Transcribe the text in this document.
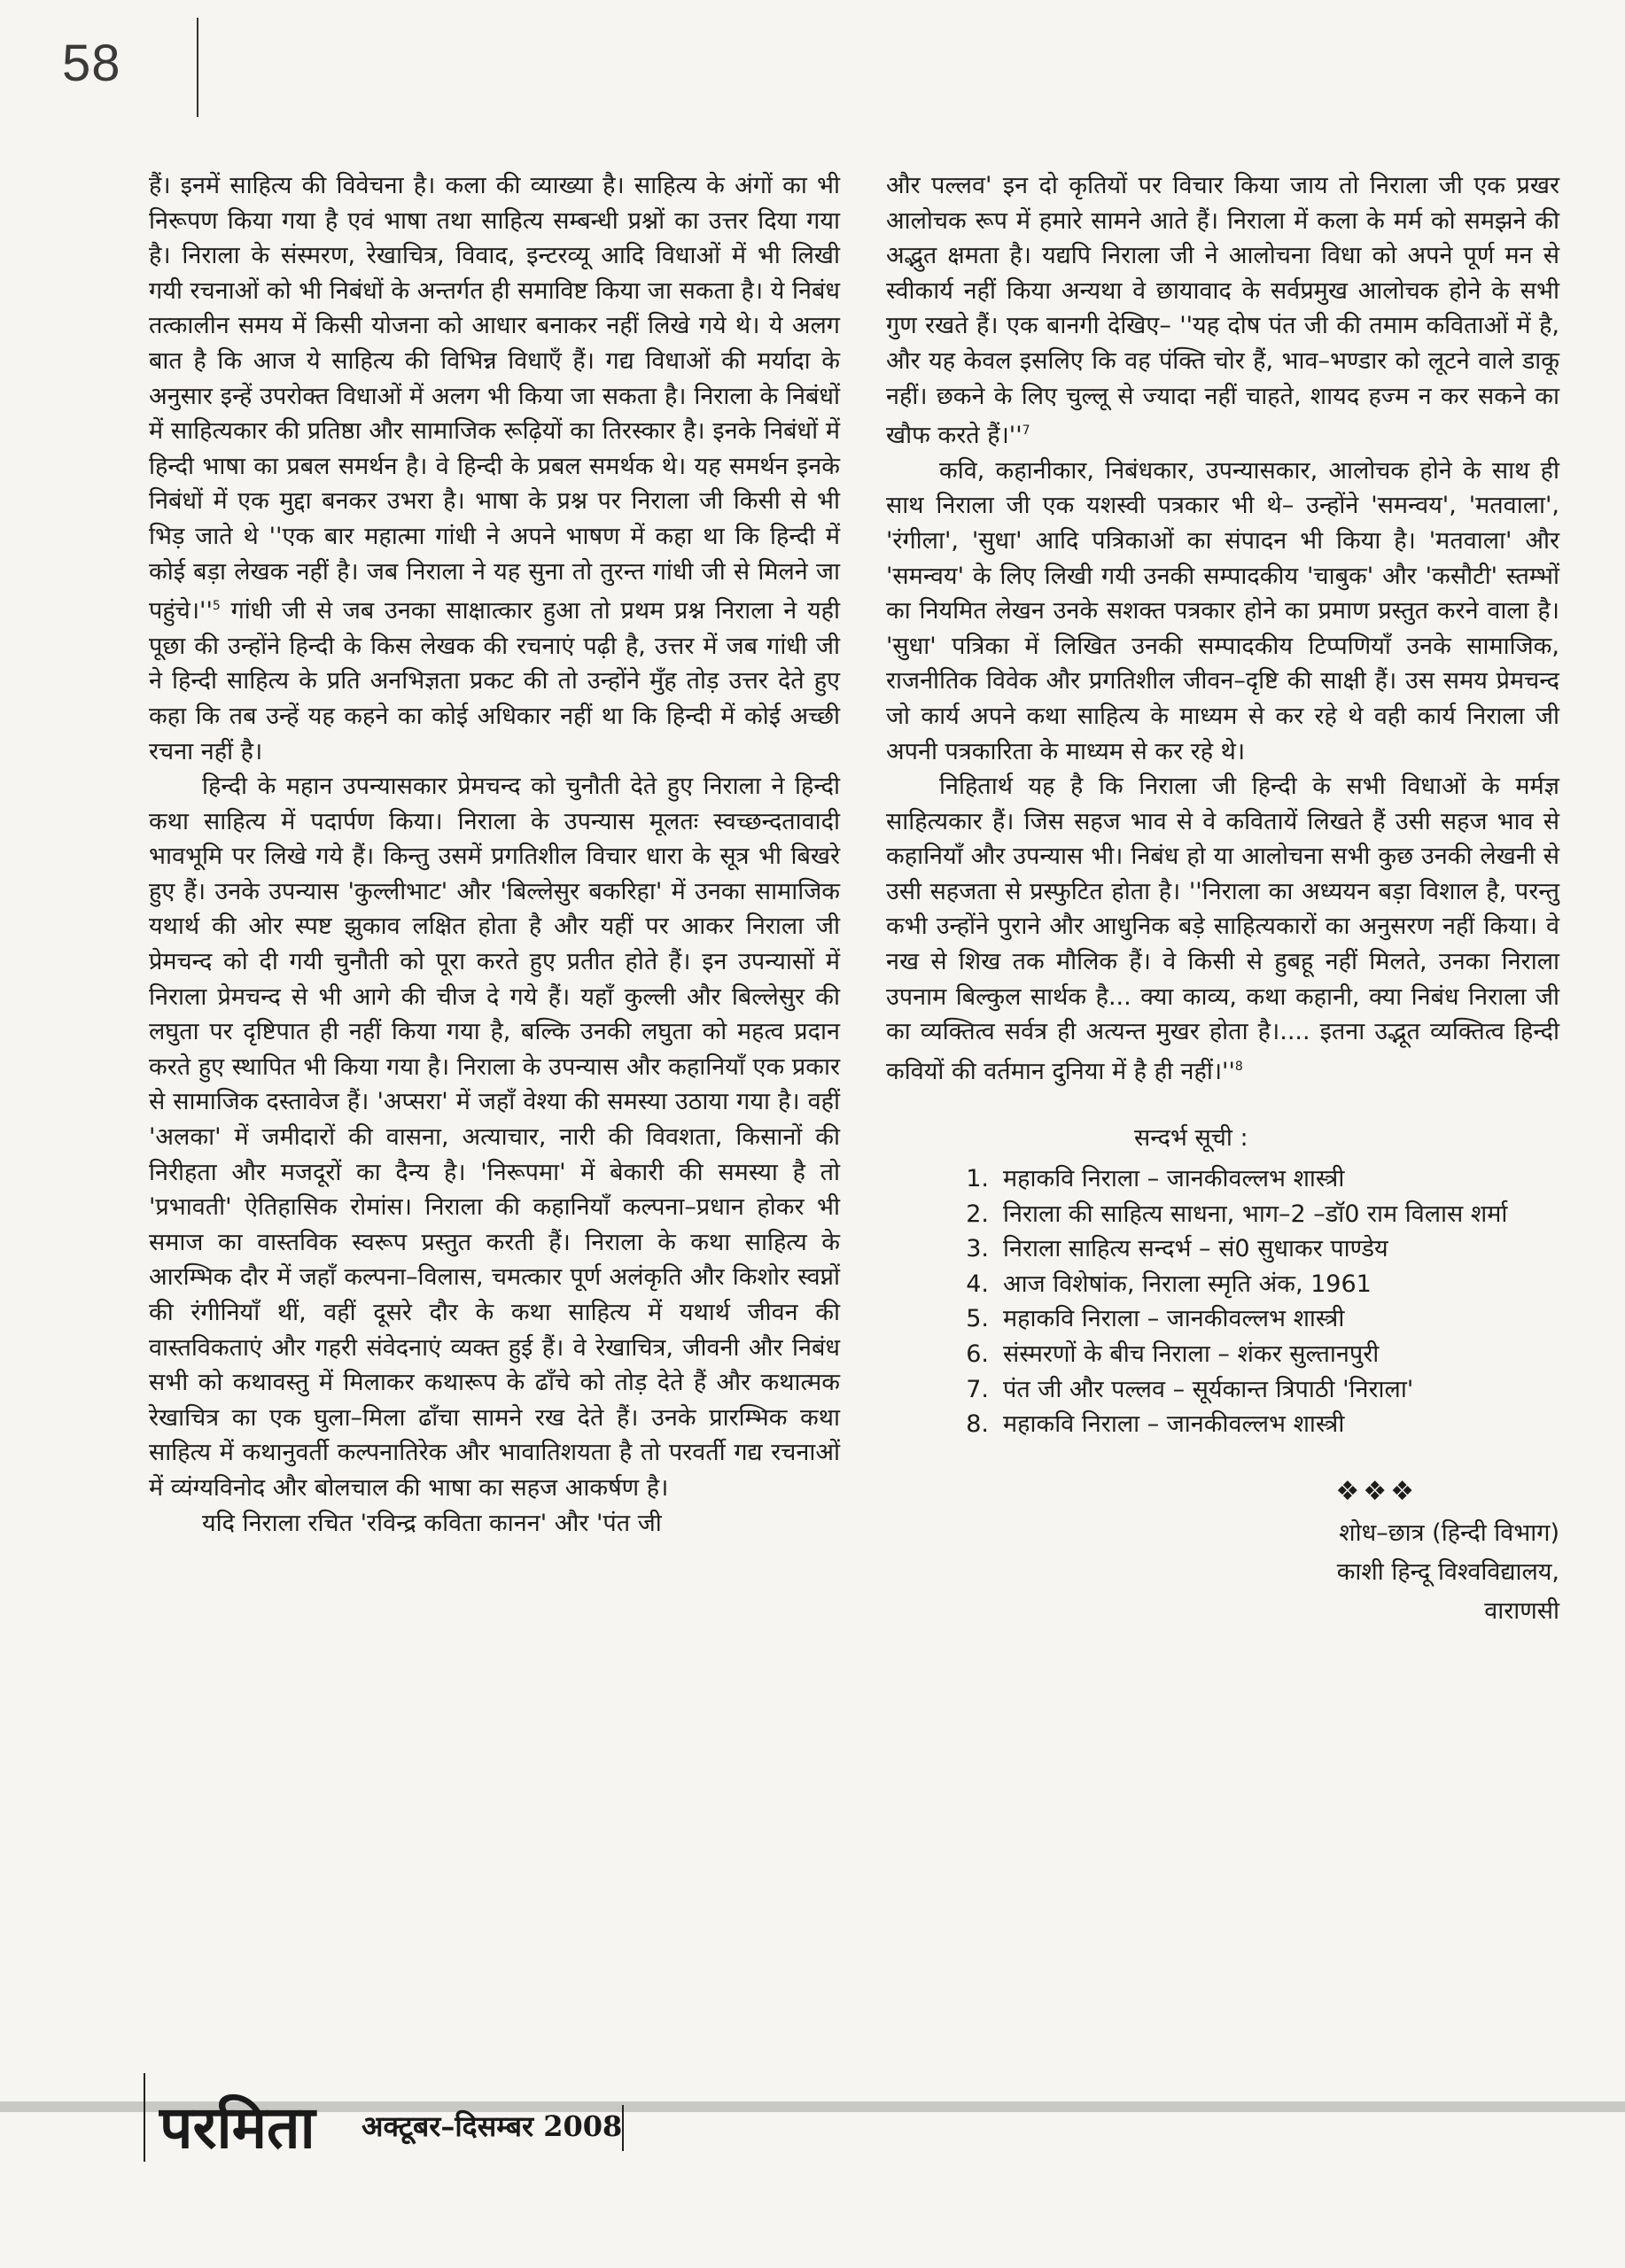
58

हैं। इनमें साहित्य की विवेचना है। कला की व्याख्या है। साहित्य के अंगों का भी निरूपण किया गया है एवं भाषा तथा साहित्य सम्बन्धी प्रश्नों का उत्तर दिया गया है। निराला के संस्मरण, रेखाचित्र, विवाद, इन्टरव्यू आदि विधाओं में भी लिखी गयी रचनाओं को भी निबंधों के अन्तर्गत ही समाविष्ट किया जा सकता है। ये निबंध तत्कालीन समय में किसी योजना को आधार बनाकर नहीं लिखे गये थे। ये अलग बात है कि आज ये साहित्य की विभिन्न विधाएँ हैं। गद्य विधाओं की मर्यादा के अनुसार इन्हें उपरोक्त विधाओं में अलग भी किया जा सकता है। निराला के निबंधों में साहित्यकार की प्रतिष्ठा और सामाजिक रूढ़ियों का तिरस्कार है। इनके निबंधों में हिन्दी भाषा का प्रबल समर्थन है। वे हिन्दी के प्रबल समर्थक थे। यह समर्थन इनके निबंधों में एक मुद्दा बनकर उभरा है। भाषा के प्रश्न पर निराला जी किसी से भी भिड़ जाते थे ''एक बार महात्मा गांधी ने अपने भाषण में कहा था कि हिन्दी में कोई बड़ा लेखक नहीं है। जब निराला ने यह सुना तो तुरन्त गांधी जी से मिलने जा $पहुंचे।''^5$ गांधी जी से जब उनका साक्षात्कार हुआ तो प्रथम प्रश्न निराला ने यही पूछा की उन्होंने हिन्दी के किस लेखक की रचनाएं पढ़ी है, उत्तर में जब गांधी जी ने हिन्दी साहित्य के प्रति अनभिज्ञता प्रकट की तो उन्होंने मुँह तोड़ उत्तर देते हुए कहा कि तब उन्हें यह कहने का कोई अधिकार नहीं था कि हिन्दी में कोई अच्छी रचना नहीं है।

हिन्दी के महान उपन्यासकार प्रेमचन्द को चुनौती देते हुए निराला ने हिन्दी कथा साहित्य में पदार्पण किया। निराला के उपन्यास मूलतः स्वच्छन्दतावादी भावभूमि पर लिखे गये हैं। किन्तु उसमें प्रगतिशील विचार धारा के सूत्र भी बिखरे हुए हैं। उनके उपन्यास 'कुल्लीभाट' और 'बिल्लेसुर बकरिहा' में उनका सामाजिक यथार्थ की ओर स्पष्ट झुकाव लक्षित होता है और यहीं पर आकर निराला जी प्रेमचन्द को दी गयी चुनौती को पूरा करते हुए प्रतीत होते हैं। इन उपन्यासों में निराला प्रेमचन्द से भी आगे की चीज दे गये हैं। यहाँ कुल्ली और बिल्लेसुर की लघुता पर दृष्टिपात ही नहीं किया गया है, बल्कि उनकी लघुता को महत्व प्रदान करते हुए स्थापित भी किया गया है। निराला के उपन्यास और कहानियाँ एक प्रकार से सामाजिक दस्तावेज हैं। 'अप्सरा' में जहाँ वेश्या की समस्या उठाया गया है। वहीं 'अलका' में जमीदारों की वासना, अत्याचार, नारी की विवशता, किसानों की निरीहता और मजदूरों का दैन्य है। 'निरूपमा' में बेकारी की समस्या है तो 'प्रभावती' ऐतिहासिक रोमांस। निराला की कहानियाँ कल्पना–प्रधान होकर भी समाज का वास्तविक स्वरूप प्रस्तुत करती हैं। निराला के कथा साहित्य के आरम्भिक दौर में जहाँ कल्पना–विलास, चमत्कार पूर्ण अलंकृति और किशोर स्वप्नों की रंगीनियाँ थीं, वहीं दूसरे दौर के कथा साहित्य में यथार्थ जीवन की वास्तविकताएं और गहरी संवेदनाएं व्यक्त हुई हैं। वे रेखाचित्र, जीवनी और निबंध सभी को कथावस्तु में मिलाकर कथारूप के ढाँचे को तोड़ देते हैं और कथात्मक रेखाचित्र का एक घुला–मिला ढाँचा सामने रख देते हैं। उनके प्रारम्भिक कथा साहित्य में कथानुवर्ती कल्पनातिरेक और भावातिशयता है तो परवर्ती गद्य रचनाओं में व्यंग्यविनोद और बोलचाल की भाषा का सहज आकर्षण है।

यदि निराला रचित 'रविन्द्र कविता कानन' और 'पंत जी

और पल्लव' इन दो कृतियों पर विचार किया जाय तो निराला जी एक प्रखर आलोचक रूप में हमारे सामने आते हैं। निराला में कला के मर्म को समझने की अद्भुत क्षमता है। यद्यपि निराला जी ने आलोचना विधा को अपने पूर्ण मन से स्वीकार्य नहीं किया अन्यथा वे छायावाद के सर्वप्रमुख आलोचक होने के सभी गुण रखते हैं। एक बानगी देखिए– ''यह दोष पंत जी की तमाम कविताओं में है, और यह केवल इसलिए कि वह पंक्ति चोर हैं, भाव–भण्डार को लूटने वाले डाकू नहीं। छकने के लिए चुल्लू से ज्यादा नहीं चाहते, शायद हज्म न कर सकने का खौफ करते $हैं।''^7$

कवि, कहानीकार, निबंधकार, उपन्यासकार, आलोचक होने के साथ ही साथ निराला जी एक यशस्वी पत्रकार भी थे– उन्होंने 'समन्वय', 'मतवाला', 'रंगीला', 'सुधा' आदि पत्रिकाओं का संपादन भी किया है। 'मतवाला' और 'समन्वय' के लिए लिखी गयी उनकी सम्पादकीय 'चाबुक' और 'कसौटी' स्तम्भों का नियमित लेखन उनके सशक्त पत्रकार होने का प्रमाण प्रस्तुत करने वाला है। 'सुधा' पत्रिका में लिखित उनकी सम्पादकीय टिप्पणियाँ उनके सामाजिक, राजनीतिक विवेक और प्रगतिशील जीवन–दृष्टि की साक्षी हैं। उस समय प्रेमचन्द जो कार्य अपने कथा साहित्य के माध्यम से कर रहे थे वही कार्य निराला जी अपनी पत्रकारिता के माध्यम से कर रहे थे।

निहितार्थ यह है कि निराला जी हिन्दी के सभी विधाओं के मर्मज्ञ साहित्यकार हैं। जिस सहज भाव से वे कवितायें लिखते हैं उसी सहज भाव से कहानियाँ और उपन्यास भी। निबंध हो या आलोचना सभी कुछ उनकी लेखनी से उसी सहजता से प्रस्फुटित होता है। ''निराला का अध्ययन बड़ा विशाल है, परन्तु कभी उन्होंने पुराने और आधुनिक बड़े साहित्यकारों का अनुसरण नहीं किया। वे नख से शिख तक मौलिक हैं। वे किसी से हुबहू नहीं मिलते, उनका निराला उपनाम बिल्कुल सार्थक है... क्या काव्य, कथा कहानी, क्या निबंध निराला जी का व्यक्तित्व सर्वत्र ही अत्यन्त मुखर होता है।.... इतना उद्भूत व्यक्तित्व हिन्दी कवियों की वर्तमान दुनिया में है ही $नहीं।''^8$

सन्दर्भ सूची :
1. महाकवि निराला – जानकीवल्लभ शास्त्री
2. निराला की साहित्य साधना, भाग–2 –डॉ0 राम विलास शर्मा
3. निराला साहित्य सन्दर्भ – सं0 सुधाकर पाण्डेय
4. आज विशेषांक, निराला स्मृति अंक, 1961
5. महाकवि निराला – जानकीवल्लभ शास्त्री
6. संस्मरणों के बीच निराला – शंकर सुल्तानपुरी
7. पंत जी और पल्लव – सूर्यकान्त त्रिपाठी 'निराला'
8. महाकवि निराला – जानकीवल्लभ शास्त्री
❖❖❖
शोध–छात्र (हिन्दी विभाग)
काशी हिन्दू विश्वविद्यालय,
वाराणसी
परमिता अक्टूबर–दिसम्बर 2008
